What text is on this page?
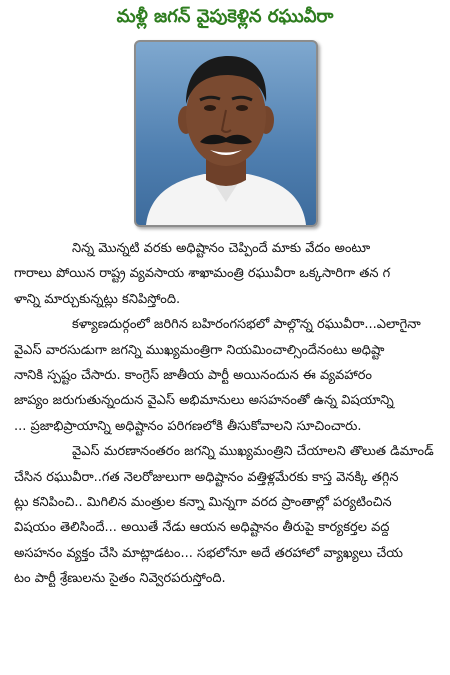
మళ్లీ జగన్ వైపుకెళ్లిన రఘువీరా

నిన్న మొన్నటి వరకు అధిష్టానం చెప్పిందే మాకు వేదం అంటూ
గారాలు పోయిన రాష్ట్ర వ్యవసాయ శాఖామంత్రి రఘువీరా ఒక్కసారిగా తన గ
ళాన్ని మార్చుకున్నట్లు కనిపిస్తోంది.

కళ్యాణదుర్గంలో జరిగిన బహిరంగసభలో పాల్గొన్న రఘువీరా...ఎలాగైనా
వైఎస్ వారసుడుగా జగన్ని ముఖ్యమంత్రిగా నియమించాల్సిందేనంటు అధిష్టా
నానికి స్పష్టం చేసారు. కాంగ్రెస్ జాతీయ పార్టీ అయినందున ఈ వ్యవహారం
జాప్యం జరుగుతున్నందున వైఎస్ అభిమానులు అసహనంతో ఉన్న విషయాన్ని
... ప్రజాభిప్రాయాన్ని అధిష్టానం పరిగణలోకి తీసుకోవాలని సూచించారు.

వైఎస్ మరణానంతరం జగన్ని ముఖ్యమంత్రిని చేయాలని తొలుత డిమాండ్
చేసిన రఘువీరా..గత నెలరోజులుగా అధిష్టానం వత్తిళ్లమేరకు కాస్త వెనక్కి తగ్గిన
ట్లు కనిపించి.. మిగిలిన మంత్రుల కన్నా మిన్నగా వరద ప్రాంతాల్లో పర్యటించిన
విషయం తెలిసిందే... అయితే నేడు ఆయన అధిష్టానం తీరుపై కార్యకర్తల వద్ద
అసహనం వ్యక్తం చేసి మాట్లాడటం... సభలోనూ అదే తరహాలో వ్యాఖ్యలు చేయ
టం పార్టీ శ్రేణులను సైతం నివ్వెరపరుస్తోంది.
